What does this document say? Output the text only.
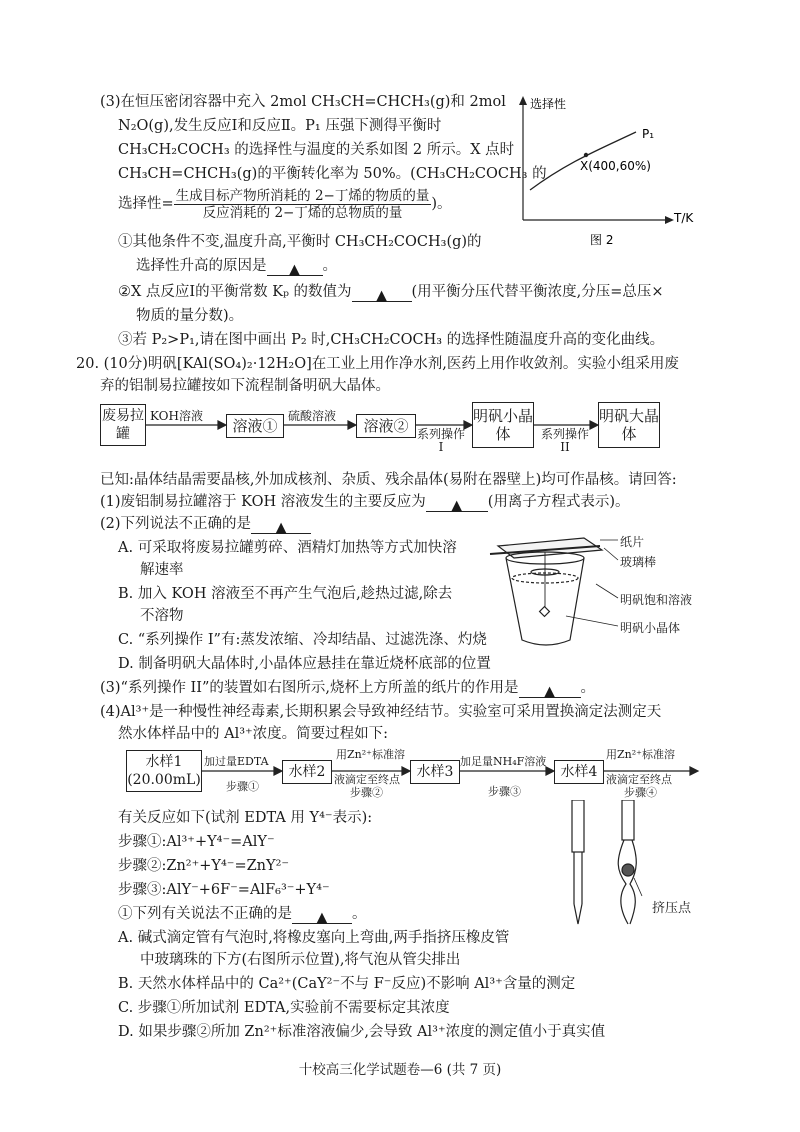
(3)在恒压密闭容器中充入 2mol CH₃CH=CHCH₃(g)和 2mol
N₂O(g),发生反应Ⅰ和反应Ⅱ。P₁ 压强下测得平衡时
CH₃CH₂COCH₃ 的选择性与温度的关系如图 2 所示。X 点时
CH₃CH=CHCH₃(g)的平衡转化率为 50%。(CH₃CH₂COCH₃ 的
选择性= $\frac{\text{生成目标产物所消耗的 2−丁烯的物质的量}}{\text{反应消耗的 2−丁烯的总物质的量}}$ )。
①其他条件不变,温度升高,平衡时 CH₃CH₂COCH₃(g)的
选择性升高的原因是 ▲ 。
②X 点反应Ⅰ的平衡常数 Kₚ 的数值为 ▲ (用平衡分压代替平衡浓度,分压=总压×
物质的量分数)。
③若 P₂>P₁,请在图中画出 P₂ 时,CH₃CH₂COCH₃ 的选择性随温度升高的变化曲线。
选择性
P₁
X(400,60%)
T/K
图 2
20. (10分)明矾[KAl(SO₄)₂·12H₂O]在工业上用作净水剂,医药上用作收敛剂。实验小组采用废
弃的铝制易拉罐按如下流程制备明矾大晶体。
废易拉罐	溶液①	溶液②
明矾小晶体
明矾大晶体
KOH溶液	硫酸溶液
系列操作I
系列操作II
已知:晶体结晶需要晶核,外加成核剂、杂质、残余晶体(易附在器壁上)均可作晶核。请回答:
(1)废铝制易拉罐溶于 KOH 溶液发生的主要反应为 ▲ (用离子方程式表示)。
(2)下列说法不正确的是 ▲
A. 可采取将废易拉罐剪碎、酒精灯加热等方式加快溶
解速率
B. 加入 KOH 溶液至不再产生气泡后,趁热过滤,除去
不溶物
C. “系列操作 I”有:蒸发浓缩、冷却结晶、过滤洗涤、灼烧
D. 制备明矾大晶体时,小晶体应悬挂在靠近烧杯底部的位置
纸片
玻璃棒
明矾饱和溶液
明矾小晶体
(3)“系列操作 II”的装置如右图所示,烧杯上方所盖的纸片的作用是 ▲ 。
(4)Al³⁺是一种慢性神经毒素,长期积累会导致神经结节。实验室可采用置换滴定法测定天
然水体样品中的 Al³⁺浓度。简要过程如下:
水样1
(20.00mL)	水样2	水样3	水样4
加过量EDTA
步骤①
用Zn²⁺标准溶
液滴定至终点
步骤②
加足量NH₄F溶液
步骤③
用Zn²⁺标准溶
液滴定至终点
步骤④
有关反应如下(试剂 EDTA 用 Y⁴⁻表示):
步骤①:Al³⁺+Y⁴⁻=AlY⁻
步骤②:Zn²⁺+Y⁴⁻=ZnY²⁻
步骤③:AlY⁻+6F⁻=AlF₆³⁻+Y⁴⁻
①下列有关说法不正确的是 ▲ 。
A. 碱式滴定管有气泡时,将橡皮塞向上弯曲,两手指挤压橡皮管
中玻璃珠的下方(右图所示位置),将气泡从管尖排出
B. 天然水体样品中的 Ca²⁺(CaY²⁻不与 F⁻反应)不影响 Al³⁺含量的测定
C. 步骤①所加试剂 EDTA,实验前不需要标定其浓度
D. 如果步骤②所加 Zn²⁺标准溶液偏少,会导致 Al³⁺浓度的测定值小于真实值
挤压点
十校高三化学试题卷—6 (共 7 页)
